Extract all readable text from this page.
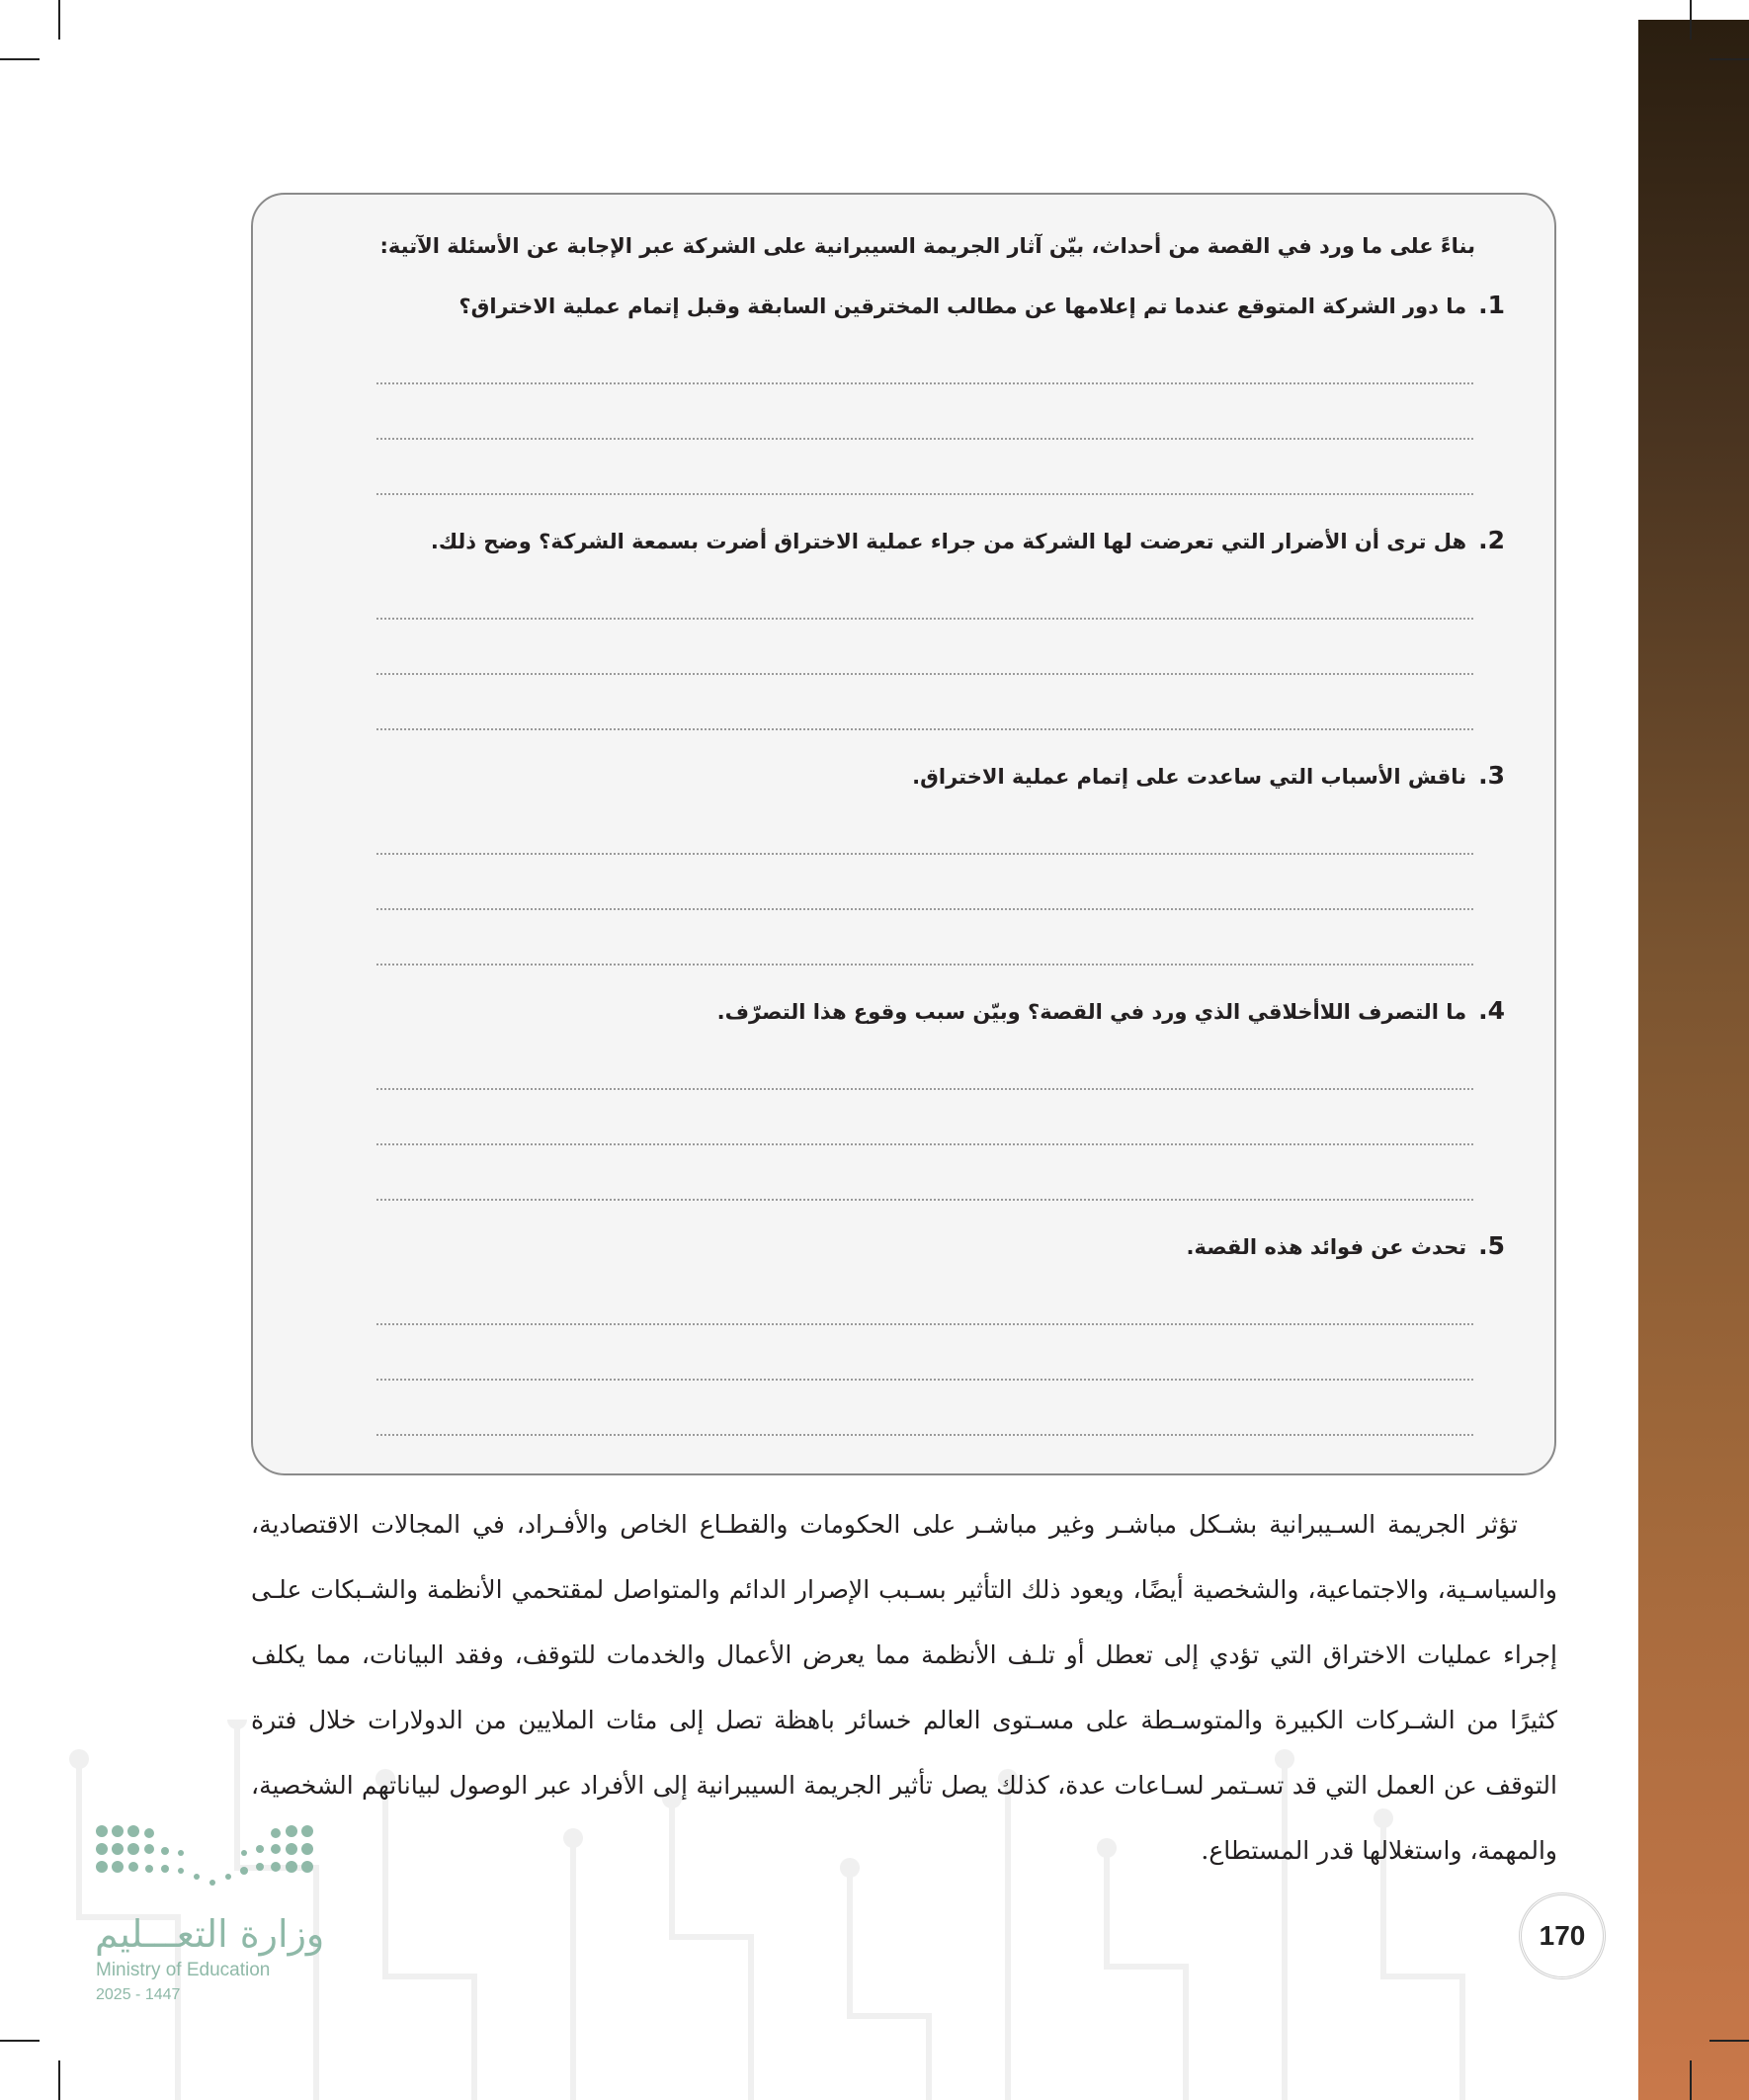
بناءً على ما ورد في القصة من أحداث، بيّن آثار الجريمة السيبرانية على الشركة عبر الإجابة عن الأسئلة الآتية:
1.ما دور الشركة المتوقع عندما تم إعلامها عن مطالب المخترقين السابقة وقبل إتمام عملية الاختراق؟
2.هل ترى أن الأضرار التي تعرضت لها الشركة من جراء عملية الاختراق أضرت بسمعة الشركة؟ وضح ذلك.
3.ناقش الأسباب التي ساعدت على إتمام عملية الاختراق.
4.ما التصرف اللاأخلاقي الذي ورد في القصة؟ وبيّن سبب وقوع هذا التصرّف.
5.تحدث عن فوائد هذه القصة.
تؤثر الجريمة السـيبرانية بشـكل مباشـر وغير مباشـر على الحكومات والقطـاع الخاص والأفـراد، في المجالات الاقتصادية، والسياسـية، والاجتماعية، والشخصية أيضًا، ويعود ذلك التأثير بسـبب الإصرار الدائم والمتواصل لمقتحمي الأنظمة والشـبكات علـى إجراء عمليات الاختراق التي تؤدي إلى تعطل أو تلـف الأنظمة مما يعرض الأعمال والخدمات للتوقف، وفقد البيانات، مما يكلف كثيرًا من الشـركات الكبيرة والمتوسـطة على مسـتوى العالم خسائر باهظة تصل إلى مئات الملايين من الدولارات خلال فترة التوقف عن العمل التي قد تسـتمر لسـاعات عدة، كذلك يصل تأثير الجريمة السيبرانية إلى الأفراد عبر الوصول لبياناتهم الشخصية، والمهمة، واستغلالها قدر المستطاع.
وزارة التعـــليم
Ministry of Education
2025 - 1447
170
